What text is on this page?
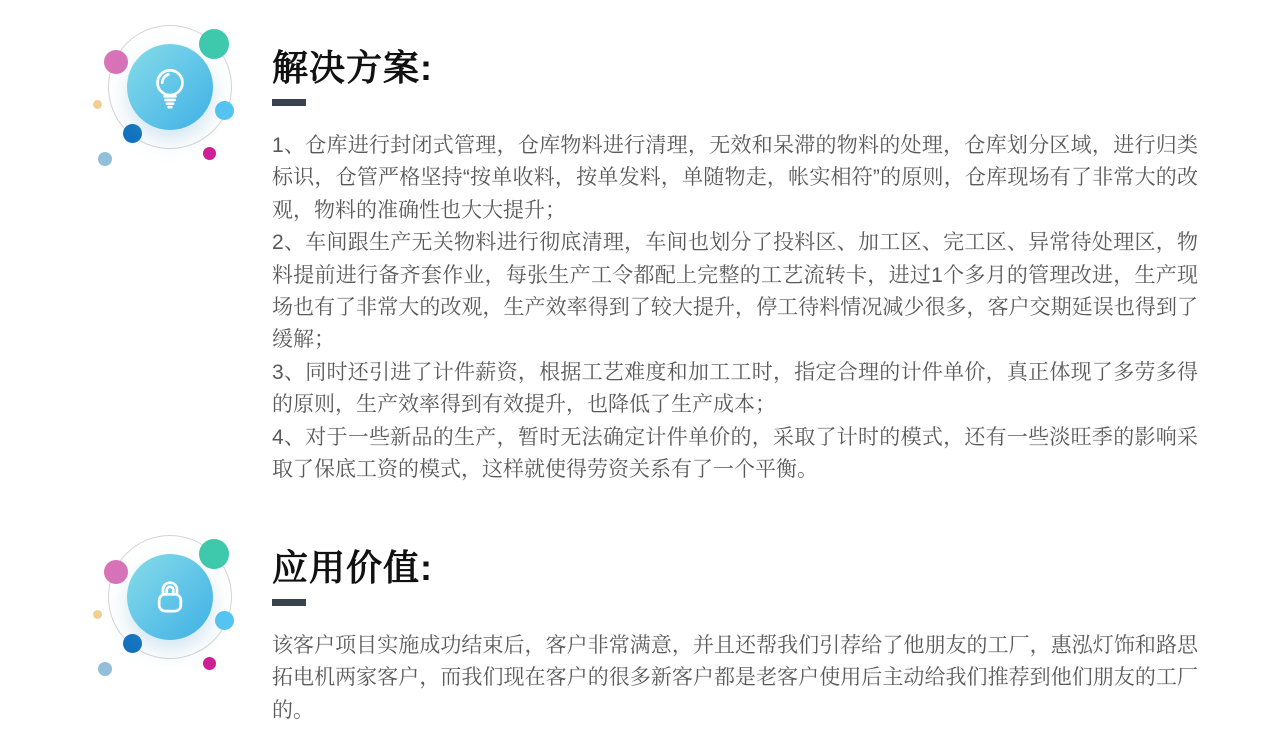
解决方案:

1、仓库进行封闭式管理，仓库物料进行清理，无效和呆滞的物料的处理，仓库划分区域，进行归类标识，仓管严格坚持“按单收料，按单发料，单随物走，帐实相符”的原则，仓库现场有了非常大的改观，物料的准确性也大大提升；

2、车间跟生产无关物料进行彻底清理，车间也划分了投料区、加工区、完工区、异常待处理区，物料提前进行备齐套作业，每张生产工令都配上完整的工艺流转卡，进过1个多月的管理改进，生产现场也有了非常大的改观，生产效率得到了较大提升，停工待料情况减少很多，客户交期延误也得到了缓解；

3、同时还引进了计件薪资，根据工艺难度和加工工时，指定合理的计件单价，真正体现了多劳多得的原则，生产效率得到有效提升，也降低了生产成本；

4、对于一些新品的生产，暂时无法确定计件单价的，采取了计时的模式，还有一些淡旺季的影响采取了保底工资的模式，这样就使得劳资关系有了一个平衡。

应用价值:

该客户项目实施成功结束后，客户非常满意，并且还帮我们引荐给了他朋友的工厂，惠泓灯饰和路思拓电机两家客户，而我们现在客户的很多新客户都是老客户使用后主动给我们推荐到他们朋友的工厂的。
